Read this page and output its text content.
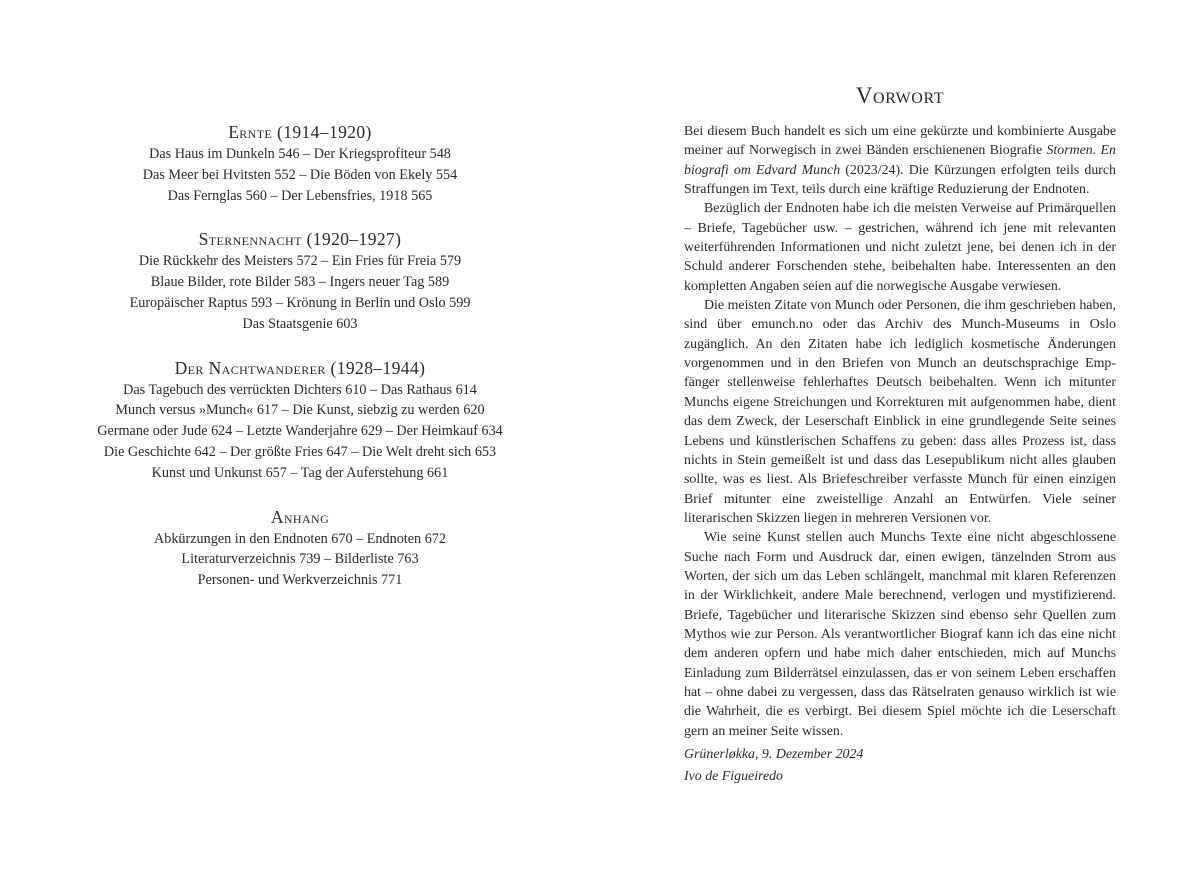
Ernte (1914–1920)
Das Haus im Dunkeln 546 – Der Kriegsprofiteur 548
Das Meer bei Hvitsten 552 – Die Böden von Ekely 554
Das Fernglas 560 – Der Lebensfries, 1918 565
Sternennacht (1920–1927)
Die Rückkehr des Meisters 572 – Ein Fries für Freia 579
Blaue Bilder, rote Bilder 583 – Ingers neuer Tag 589
Europäischer Raptus 593 – Krönung in Berlin und Oslo 599
Das Staatsgenie 603
Der Nachtwanderer (1928–1944)
Das Tagebuch des verrückten Dichters 610 – Das Rathaus 614
Munch versus »Munch« 617 – Die Kunst, siebzig zu werden 620
Germane oder Jude 624 – Letzte Wanderjahre 629 – Der Heimkauf 634
Die Geschichte 642 – Der größte Fries 647 – Die Welt dreht sich 653
Kunst und Unkunst 657 – Tag der Auferstehung 661
Anhang
Abkürzungen in den Endnoten 670 – Endnoten 672
Literaturverzeichnis 739 – Bilderliste 763
Personen- und Werkverzeichnis 771
Vorwort

Bei diesem Buch handelt es sich um eine gekürzte und kombinierte Ausgabe meiner auf Norwegisch in zwei Bänden erschienenen Biografie Stormen. En biografi om Edvard Munch (2023/24). Die Kürzungen erfolgten teils durch Straffungen im Text, teils durch eine kräftige Reduzierung der Endnoten.

Bezüglich der Endnoten habe ich die meisten Verweise auf Primärquellen – Briefe, Tagebücher usw. – gestrichen, während ich jene mit relevanten weiterführenden Informationen und nicht zuletzt jene, bei denen ich in der Schuld anderer Forschenden stehe, beibehalten habe. Interessenten an den kompletten Angaben seien auf die norwegische Ausgabe verwiesen.

Die meisten Zitate von Munch oder Personen, die ihm geschrieben haben, sind über emunch.no oder das Archiv des Munch-Museums in Oslo zugänglich. An den Zitaten habe ich lediglich kosmetische Änderungen vorgenommen und in den Briefen von Munch an deutschsprachige Empfänger stellenweise fehlerhaftes Deutsch beibehalten. Wenn ich mitunter Munchs eigene Streichungen und Korrekturen mit aufgenommen habe, dient das dem Zweck, der Leserschaft Einblick in eine grundlegende Seite seines Lebens und künstlerischen Schaffens zu geben: dass alles Prozess ist, dass nichts in Stein gemeißelt ist und dass das Lesepublikum nicht alles glauben sollte, was es liest. Als Briefeschreiber verfasste Munch für einen einzigen Brief mitunter eine zweistellige Anzahl an Entwürfen. Viele seiner literarischen Skizzen liegen in mehreren Versionen vor.

Wie seine Kunst stellen auch Munchs Texte eine nicht abgeschlossene Suche nach Form und Ausdruck dar, einen ewigen, tänzelnden Strom aus Worten, der sich um das Leben schlängelt, manchmal mit klaren Referenzen in der Wirklichkeit, andere Male berechnend, verlogen und mystifizierend. Briefe, Tagebücher und literarische Skizzen sind ebenso sehr Quellen zum Mythos wie zur Person. Als verantwortlicher Biograf kann ich das eine nicht dem anderen opfern und habe mich daher entschieden, mich auf Munchs Einladung zum Bilderrätsel einzulassen, das er von seinem Leben erschaffen hat – ohne dabei zu vergessen, dass das Rätselraten genauso wirklich ist wie die Wahrheit, die es verbirgt. Bei diesem Spiel möchte ich die Leserschaft gern an meiner Seite wissen.

Grünerløkka, 9. Dezember 2024
Ivo de Figueiredo
